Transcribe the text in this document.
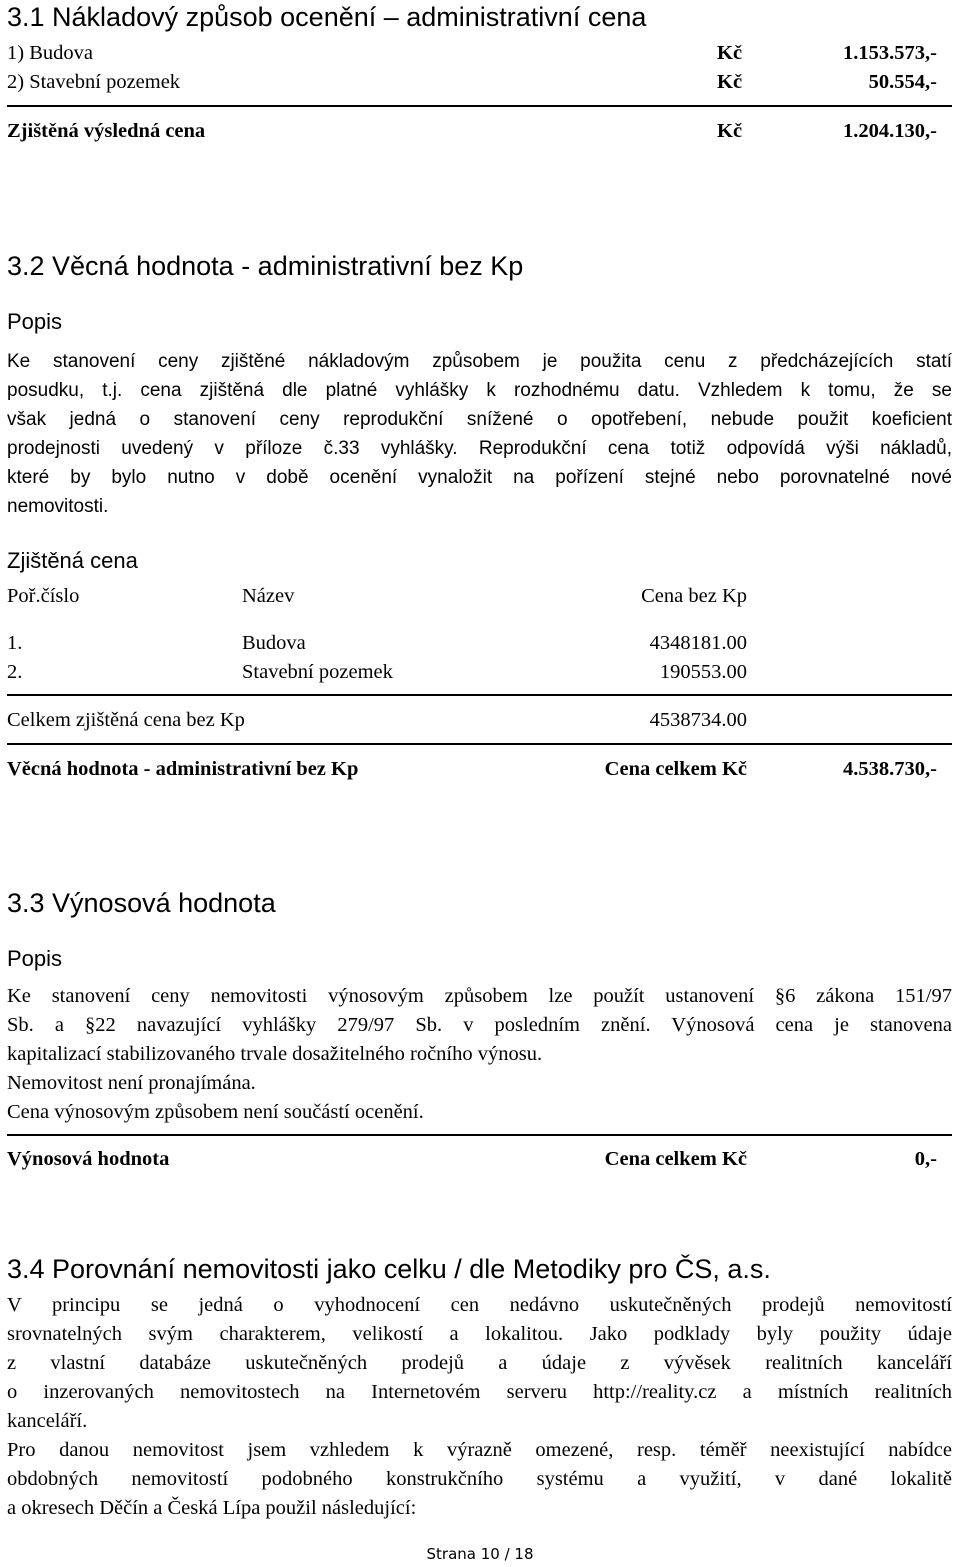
3.1 Nákladový způsob ocenění – administrativní cena
1) Budova	Kč	1.153.573,-
2) Stavební pozemek	Kč	50.554,-
Zjištěná výsledná cena	Kč	1.204.130,-
3.2 Věcná hodnota - administrativní bez Kp
Popis
Ke stanovení ceny zjištěné nákladovým způsobem je použita cenu z předcházejících statí
posudku, t.j. cena zjištěná dle platné vyhlášky k rozhodnému datu. Vzhledem k tomu, že se
však jedná o stanovení ceny reprodukční snížené o opotřebení, nebude použit koeficient
prodejnosti uvedený v příloze č.33 vyhlášky. Reprodukční cena totiž odpovídá výši nákladů,
které by bylo nutno v době ocenění vynaložit na pořízení stejné nebo porovnatelné nové
nemovitosti.
Zjištěná cena
Poř.číslo	Název	Cena bez Kp
1.	Budova	4348181.00
2.	Stavební pozemek	190553.00
Celkem zjištěná cena bez Kp	4538734.00
Věcná hodnota - administrativní bez Kp	Cena celkem Kč	4.538.730,-
3.3 Výnosová hodnota
Popis
Ke stanovení ceny nemovitosti výnosovým způsobem lze použít ustanovení §6 zákona 151/97
Sb. a §22 navazující vyhlášky 279/97 Sb. v posledním znění. Výnosová cena je stanovena
kapitalizací stabilizovaného trvale dosažitelného ročního výnosu.
Nemovitost není pronajímána.
Cena výnosovým způsobem není součástí ocenění.
Výnosová hodnota	Cena celkem Kč	0,-
3.4 Porovnání nemovitosti jako celku / dle Metodiky pro ČS, a.s.
V principu se jedná o vyhodnocení cen nedávno uskutečněných prodejů nemovitostí
srovnatelných svým charakterem, velikostí a lokalitou. Jako podklady byly použity údaje
z vlastní databáze uskutečněných prodejů a údaje z vývěsek realitních kanceláří
o inzerovaných nemovitostech na Internetovém serveru http://reality.cz a místních realitních
kanceláří.
Pro danou nemovitost jsem vzhledem k výrazně omezené, resp. téměř neexistující nabídce
obdobných nemovitostí podobného konstrukčního systému a využití, v dané lokalitě
a okresech Děčín a Česká Lípa použil následující:
Strana 10 / 18
